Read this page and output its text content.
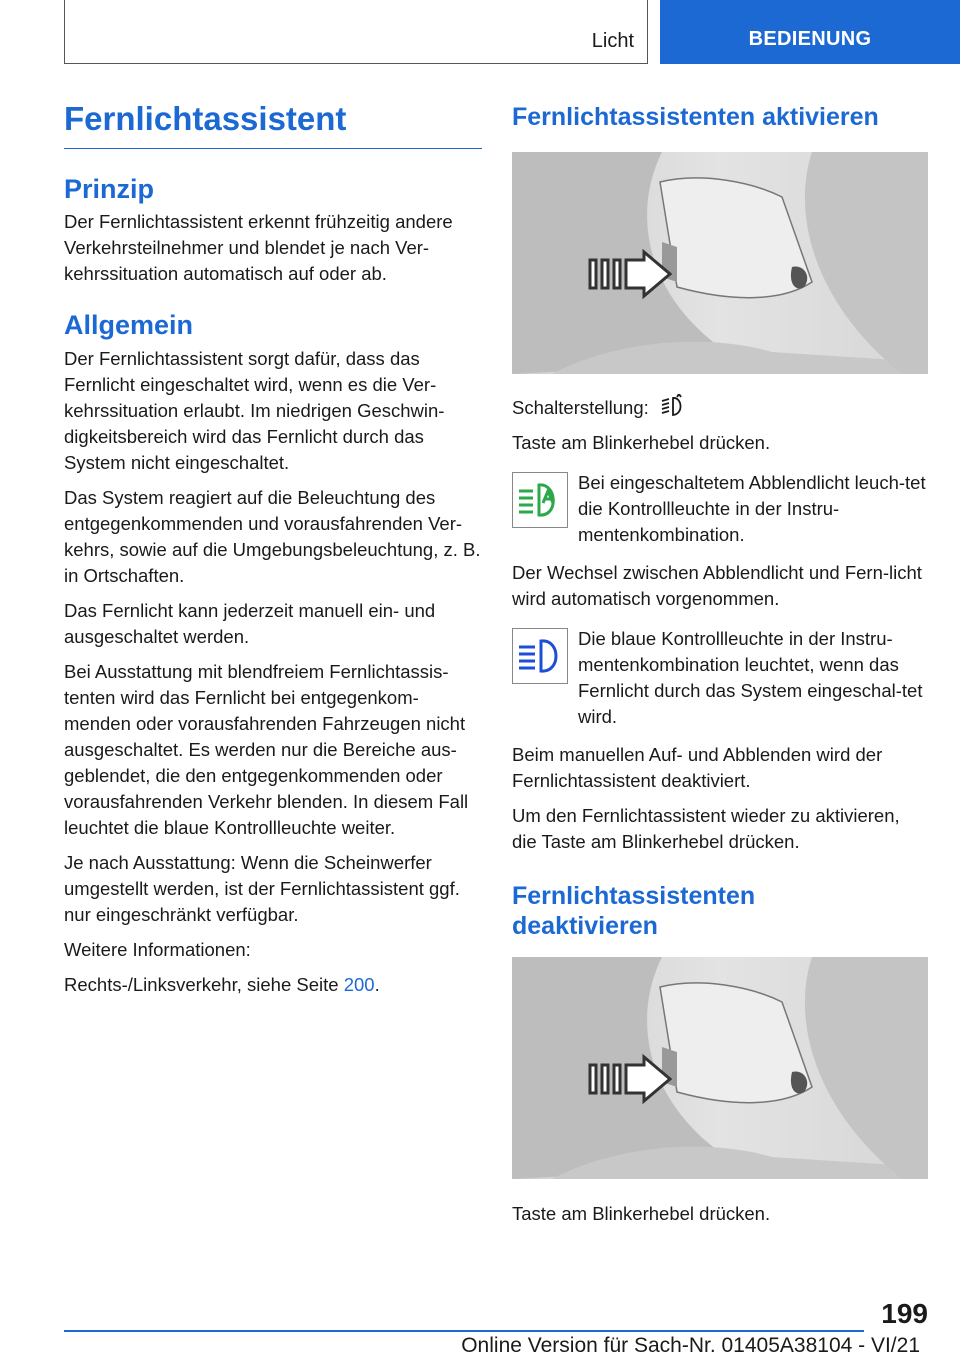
Licht	BEDIENUNG
Fernlichtassistent
Prinzip

Der Fernlichtassistent erkennt frühzeitig andere Verkehrsteilnehmer und blendet je nach Ver-kehrssituation automatisch auf oder ab.

Allgemein

Der Fernlichtassistent sorgt dafür, dass das Fernlicht eingeschaltet wird, wenn es die Ver-kehrssituation erlaubt. Im niedrigen Geschwin-digkeitsbereich wird das Fernlicht durch das System nicht eingeschaltet.

Das System reagiert auf die Beleuchtung des entgegenkommenden und vorausfahrenden Ver-kehrs, sowie auf die Umgebungsbeleuchtung, z. B. in Ortschaften.

Das Fernlicht kann jederzeit manuell ein- und ausgeschaltet werden.

Bei Ausstattung mit blendfreiem Fernlichtassis-tenten wird das Fernlicht bei entgegenkom-menden oder vorausfahrenden Fahrzeugen nicht ausgeschaltet. Es werden nur die Bereiche aus-geblendet, die den entgegenkommenden oder vorausfahrenden Verkehr blenden. In diesem Fall leuchtet die blaue Kontrollleuchte weiter.

Je nach Ausstattung: Wenn die Scheinwerfer umgestellt werden, ist der Fernlichtassistent ggf. nur eingeschränkt verfügbar.

Weitere Informationen:

Rechts-/Linksverkehr, siehe Seite 200.

Fernlichtassistenten aktivieren

Schalterstellung:

Taste am Blinkerhebel drücken.

Bei eingeschaltetem Abblendlicht leuch-tet die Kontrollleuchte in der Instru-mentenkombination.

Der Wechsel zwischen Abblendlicht und Fern-licht wird automatisch vorgenommen.

Die blaue Kontrollleuchte in der Instru-mentenkombination leuchtet, wenn das Fernlicht durch das System eingeschal-tet wird.

Beim manuellen Auf- und Abblenden wird der Fernlichtassistent deaktiviert.

Um den Fernlichtassistent wieder zu aktivieren, die Taste am Blinkerhebel drücken.

Fernlichtassistenten deaktivieren

Taste am Blinkerhebel drücken.

199
Online Version für Sach-Nr. 01405A38104 - VI/21
